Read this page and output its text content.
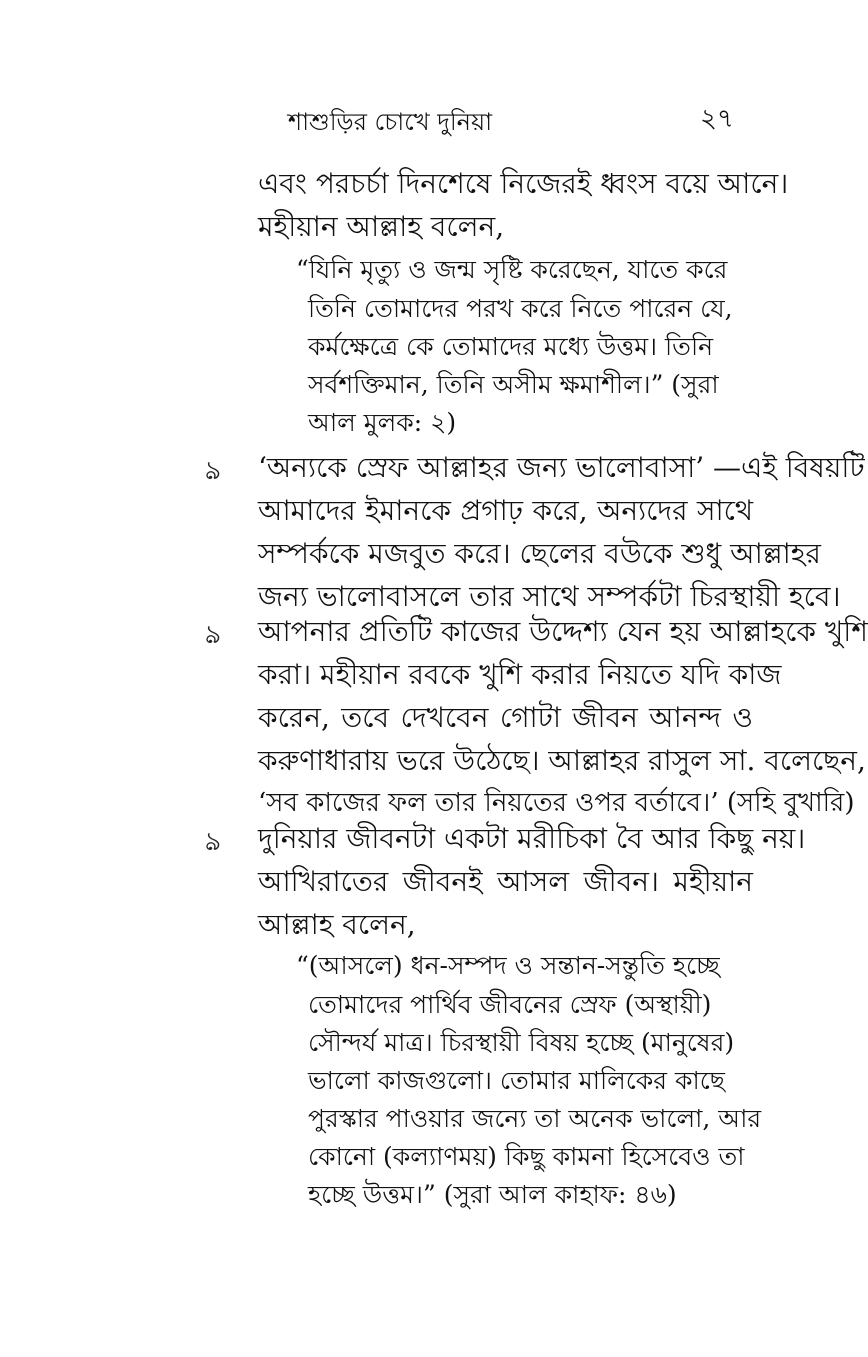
শাশুড়ির চোখে দুনিয়া	২৭
এবং পরচর্চা দিনশেষে নিজেরই ধ্বংস বয়ে আনে।
মহীয়ান আল্লাহ বলেন,
“যিনি মৃত্যু ও জন্ম সৃষ্টি করেছেন, যাতে করে
তিনি তোমাদের পরখ করে নিতে পারেন যে,
কর্মক্ষেত্রে কে তোমাদের মধ্যে উত্তম। তিনি
সর্বশক্তিমান, তিনি অসীম ক্ষমাশীল।” (সুরা
আল মুলক: ২)
ঌ ‘অন্যকে স্রেফ আল্লাহর জন্য ভালোবাসা’ —এই বিষয়টি
আমাদের ইমানকে প্রগাঢ় করে, অন্যদের সাথে
সম্পর্ককে মজবুত করে। ছেলের বউকে শুধু আল্লাহর
জন্য ভালোবাসলে তার সাথে সম্পর্কটা চিরস্থায়ী হবে।
ঌ আপনার প্রতিটি কাজের উদ্দেশ্য যেন হয় আল্লাহকে খুশি
করা। মহীয়ান রবকে খুশি করার নিয়তে যদি কাজ
করেন, তবে দেখবেন গোটা জীবন আনন্দ ও
করুণাধারায় ভরে উঠেছে। আল্লাহর রাসুল সা. বলেছেন,
‘সব কাজের ফল তার নিয়তের ওপর বর্তাবে।’ (সহি বুখারি)
ঌ দুনিয়ার জীবনটা একটা মরীচিকা বৈ আর কিছু নয়।
আখিরাতের জীবনই আসল জীবন। মহীয়ান
আল্লাহ বলেন,
“(আসলে) ধন-সম্পদ ও সন্তান-সন্তুতি হচ্ছে
তোমাদের পার্থিব জীবনের স্রেফ (অস্থায়ী)
সৌন্দর্য মাত্র। চিরস্থায়ী বিষয় হচ্ছে (মানুষের)
ভালো কাজগুলো। তোমার মালিকের কাছে
পুরস্কার পাওয়ার জন্যে তা অনেক ভালো, আর
কোনো (কল্যাণময়) কিছু কামনা হিসেবেও তা
হচ্ছে উত্তম।” (সুরা আল কাহাফ: ৪৬)
